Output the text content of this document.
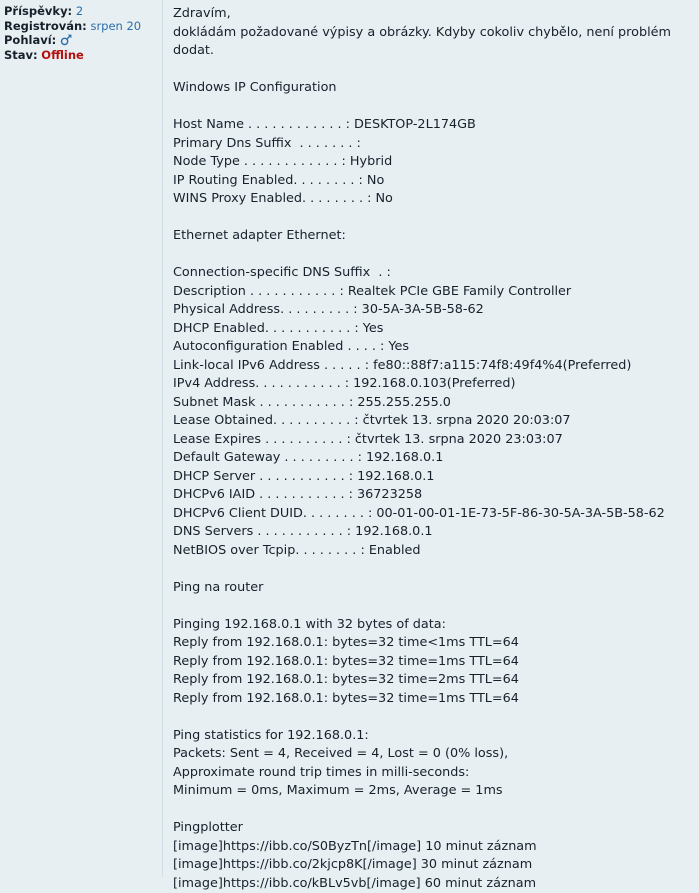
Příspěvky: 2
Registrován: srpen 20
Pohlaví:
Stav: Offline
Zdravím,
dokládám požadované výpisy a obrázky. Kdyby cokoliv chybělo, není problém dodat.
Windows IP Configuration
Host Name . . . . . . . . . . . . : DESKTOP-2L174GB
Primary Dns Suffix  . . . . . . . :
Node Type . . . . . . . . . . . . : Hybrid
IP Routing Enabled. . . . . . . . : No
WINS Proxy Enabled. . . . . . . . : No
Ethernet adapter Ethernet:
Connection-specific DNS Suffix  . :
Description . . . . . . . . . . . : Realtek PCIe GBE Family Controller
Physical Address. . . . . . . . . : 30-5A-3A-5B-58-62
DHCP Enabled. . . . . . . . . . . : Yes
Autoconfiguration Enabled . . . . : Yes
Link-local IPv6 Address . . . . . : fe80::88f7:a115:74f8:49f4%4(Preferred)
IPv4 Address. . . . . . . . . . . : 192.168.0.103(Preferred)
Subnet Mask . . . . . . . . . . . : 255.255.255.0
Lease Obtained. . . . . . . . . . : čtvrtek 13. srpna 2020 20:03:07
Lease Expires . . . . . . . . . . : čtvrtek 13. srpna 2020 23:03:07
Default Gateway . . . . . . . . . : 192.168.0.1
DHCP Server . . . . . . . . . . . : 192.168.0.1
DHCPv6 IAID . . . . . . . . . . . : 36723258
DHCPv6 Client DUID. . . . . . . . : 00-01-00-01-1E-73-5F-86-30-5A-3A-5B-58-62
DNS Servers . . . . . . . . . . . : 192.168.0.1
NetBIOS over Tcpip. . . . . . . . : Enabled
Ping na router
Pinging 192.168.0.1 with 32 bytes of data:
Reply from 192.168.0.1: bytes=32 time<1ms TTL=64
Reply from 192.168.0.1: bytes=32 time=1ms TTL=64
Reply from 192.168.0.1: bytes=32 time=2ms TTL=64
Reply from 192.168.0.1: bytes=32 time=1ms TTL=64
Ping statistics for 192.168.0.1:
Packets: Sent = 4, Received = 4, Lost = 0 (0% loss),
Approximate round trip times in milli-seconds:
Minimum = 0ms, Maximum = 2ms, Average = 1ms
Pingplotter
[image]https://ibb.co/S0ByzTn[/image] 10 minut záznam
[image]https://ibb.co/2kjcp8K[/image] 30 minut záznam
[image]https://ibb.co/kBLv5vb[/image] 60 minut záznam
